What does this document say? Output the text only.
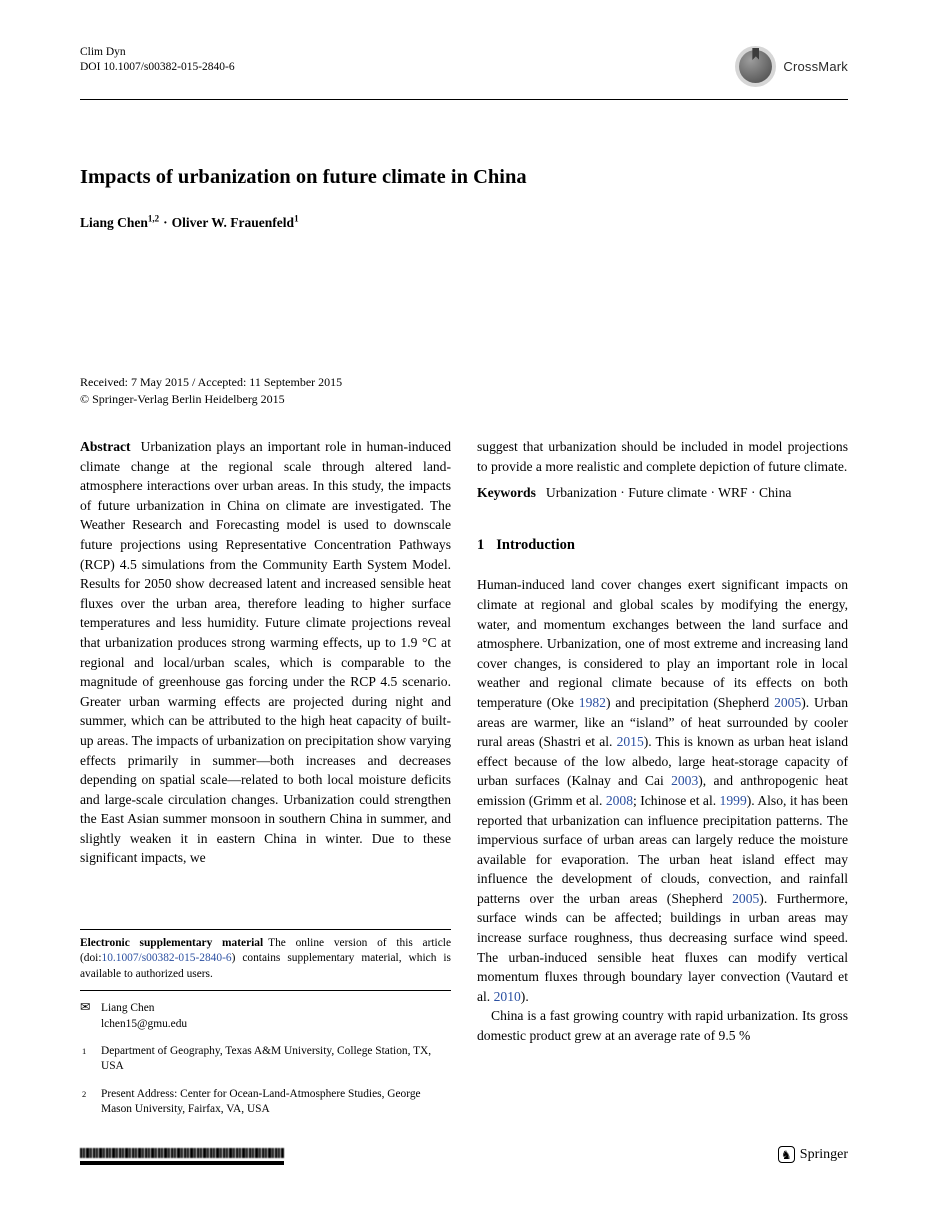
Clim Dyn
DOI 10.1007/s00382-015-2840-6	CrossMark
Impacts of urbanization on future climate in China
Liang Chen$^{1,2}$ · Oliver W. Frauenfeld$^1$
Received: 7 May 2015 / Accepted: 11 September 2015
© Springer-Verlag Berlin Heidelberg 2015

Abstract Urbanization plays an important role in human-induced climate change at the regional scale through altered land-atmosphere interactions over urban areas. In this study, the impacts of future urbanization in China on climate are investigated. The Weather Research and Forecasting model is used to downscale future projections using Representative Concentration Pathways (RCP) 4.5 simulations from the Community Earth System Model. Results for 2050 show decreased latent and increased sensible heat fluxes over the urban area, therefore leading to higher surface temperatures and less humidity. Future climate projections reveal that urbanization produces strong warming effects, up to 1.9 °C at regional and local/urban scales, which is comparable to the magnitude of greenhouse gas forcing under the RCP 4.5 scenario. Greater urban warming effects are projected during night and summer, which can be attributed to the high heat capacity of built-up areas. The impacts of urbanization on precipitation show varying effects primarily in summer—both increases and decreases depending on spatial scale—related to both local moisture deficits and large-scale circulation changes. Urbanization could strengthen the East Asian summer monsoon in southern China in summer, and slightly weaken it in eastern China in winter. Due to these significant impacts, we

suggest that urbanization should be included in model projections to provide a more realistic and complete depiction of future climate.

Keywords Urbanization · Future climate · WRF · China

1 Introduction

Human-induced land cover changes exert significant impacts on climate at regional and global scales by modifying the energy, water, and momentum exchanges between the land surface and atmosphere. Urbanization, one of most extreme and increasing land cover changes, is considered to play an important role in local weather and regional climate because of its effects on both temperature (Oke 1982) and precipitation (Shepherd 2005). Urban areas are warmer, like an “island” of heat surrounded by cooler rural areas (Shastri et al. 2015). This is known as urban heat island effect because of the low albedo, large heat-storage capacity of urban surfaces (Kalnay and Cai 2003), and anthropogenic heat emission (Grimm et al. 2008; Ichinose et al. 1999). Also, it has been reported that urbanization can influence precipitation patterns. The impervious surface of urban areas can largely reduce the moisture available for evaporation. The urban heat island effect may influence the development of clouds, convection, and rainfall patterns over the urban areas (Shepherd 2005). Furthermore, surface winds can be affected; buildings in urban areas may increase surface roughness, thus decreasing surface wind speed. The urban-induced sensible heat fluxes can modify vertical momentum fluxes through boundary layer convection (Vautard et al. 2010).

China is a fast growing country with rapid urbanization. Its gross domestic product grew at an average rate of 9.5 %

Electronic supplementary material The online version of this article (doi:10.1007/s00382-015-2840-6) contains supplementary material, which is available to authorized users.

✉ Liang Chen
lchen15@gmu.edu
1 Department of Geography, Texas A&M University, College Station, TX, USA
2 Present Address: Center for Ocean-Land-Atmosphere Studies, George Mason University, Fairfax, VA, USA
♞ Springer
